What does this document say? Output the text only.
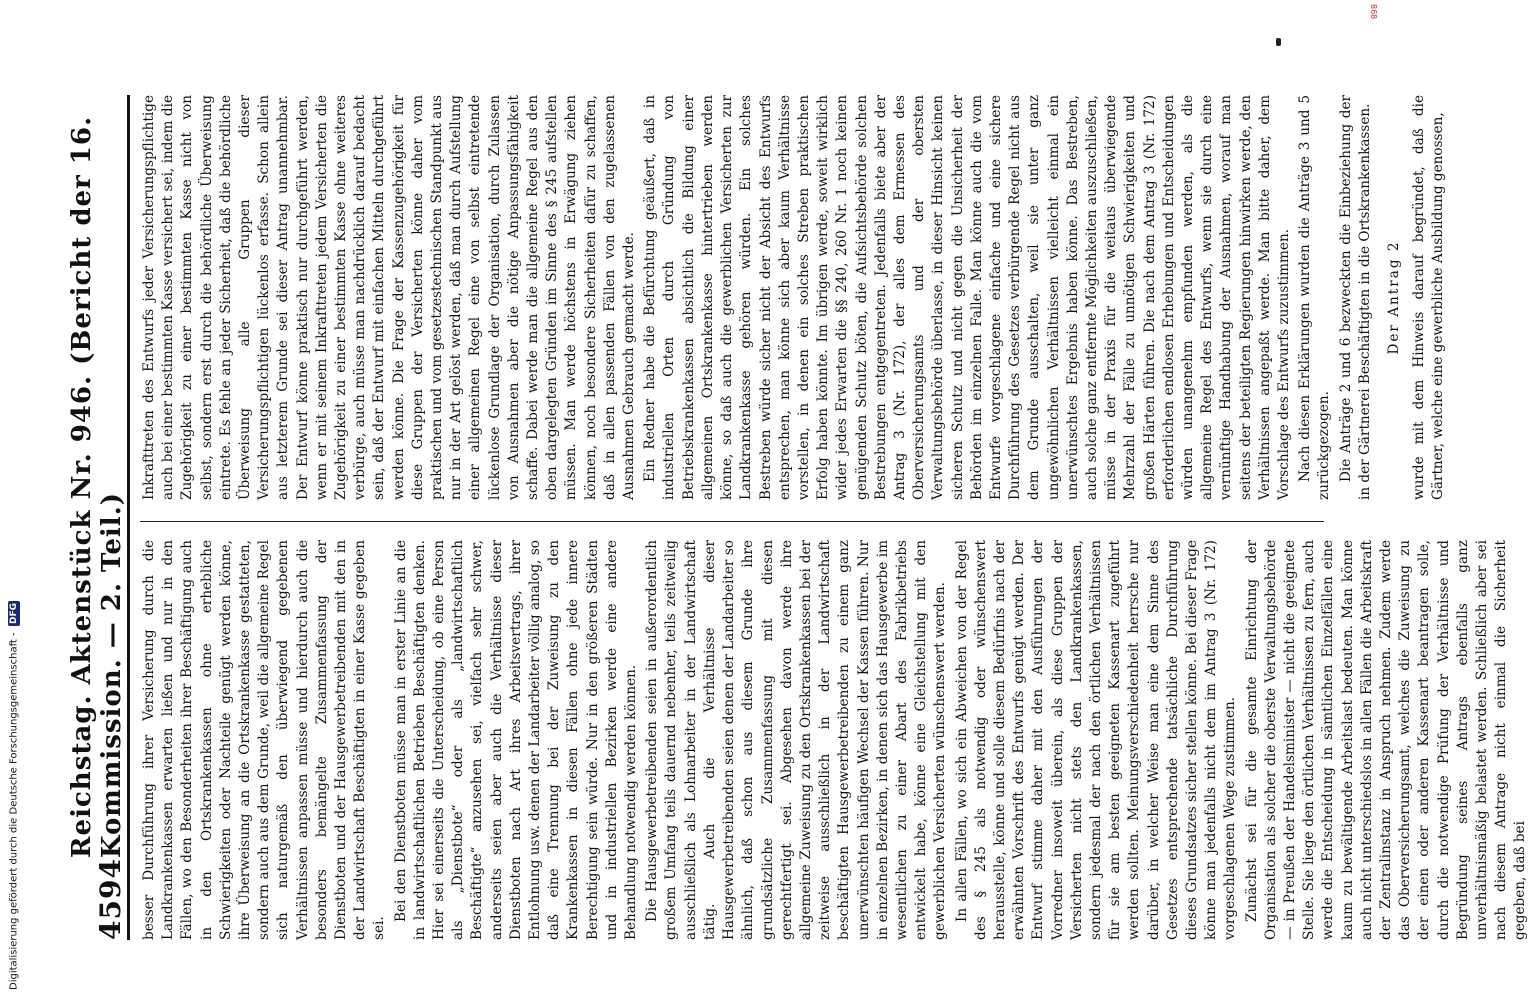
868
Digitalisierung gefördert durch die Deutsche Forschungsgemeinschaft -
DFG
4594
Reichstag. Aktenstück Nr. 946. (Bericht der 16. Kommission. — 2. Teil.) besser Durchführung ihrer Versicherung durch die Landkrankenkassen erwarten ließen und nur in den Fällen, wo den Besonderheiten ihrer Beschäftigung auch in den Ortskrankenkassen ohne erhebliche Schwierigkeiten oder Nachteile genügt werden könne, ihre Überweisung an die Ortskrankenkasse gestatteten, sondern auch aus dem Grunde, weil die allgemeine Regel sich naturgemäß den überwiegend gegebenen Verhältnissen anpassen müsse und hierdurch auch die besonders bemängelte Zusammenfassung der Dienstboten und der Hausgewerbetreibenden mit den in der Landwirtschaft Beschäftigten in einer Kasse gegeben sei.

Bei den Dienstboten müsse man in erster Linie an die in landwirtschaftlichen Betrieben Beschäftigten denken. Hier sei einerseits die Unterscheidung, ob eine Person als „Dienstbote“ oder als „landwirtschaftlich Beschäftigte“ anzusehen sei, vielfach sehr schwer, anderseits seien aber auch die Verhältnisse dieser Dienstboten nach Art ihres Arbeitsvertrags, ihrer Entlohnung usw. denen der Landarbeiter völlig analog, so daß eine Trennung bei der Zuweisung zu den Krankenkassen in diesen Fällen ohne jede innere Berechtigung sein würde. Nur in den größeren Städten und in industriellen Bezirken werde eine andere Behandlung notwendig werden können. Die Hausgewerbetreibenden seien in außerordentlich großem Umfang teils dauernd nebenher, teils zeitweilig ausschließlich als Lohnarbeiter in der Landwirtschaft tätig. Auch die Verhältnisse dieser Hausgewerbetreibenden seien denen der Landarbeiter so ähnlich, daß schon aus diesem Grunde ihre grundsätzliche Zusammenfassung mit diesen gerechtfertigt sei. Abgesehen davon werde ihre allgemeine Zuweisung zu den Ortskrankenkassen bei der zeitweise ausschließlich in der Landwirtschaft beschäftigten Hausgewerbetreibenden zu einem ganz unerwünschten häufigen Wechsel der Kassen führen. Nur in einzelnen Bezirken, in denen sich das Hausgewerbe im wesentlichen zu einer Abart des Fabrikbetriebs entwickelt habe, könne eine Gleichstellung mit den gewerblichen Versicherten wünschenswert werden. In allen Fällen, wo sich ein Abweichen von der Regel des § 245 als notwendig oder wünschenswert herausstelle, könne und solle diesem Bedürfnis nach der erwähnten Vorschrift des Entwurfs genügt werden. Der Entwurf stimme daher mit den Ausführungen der Vorredner insoweit überein, als diese Gruppen der Versicherten nicht stets den Landkrankenkassen, sondern jedesmal der nach den örtlichen Verhältnissen für sie am besten geeigneten Kassenart zugeführt werden sollten. Meinungsverschiedenheit herrsche nur darüber, in welcher Weise man eine dem Sinne des Gesetzes entsprechende tatsächliche Durchführung dieses Grundsatzes sicher stellen könne. Bei dieser Frage könne man jedenfalls nicht dem im Antrag 3 (Nr. 172) vorgeschlagenen Wege zustimmen. Zunächst sei für die gesamte Einrichtung der Organisation als solcher die oberste Verwaltungsbehörde — in Preußen der Handelsminister — nicht die geeignete Stelle. Sie liege den örtlichen Verhältnissen zu fern, auch werde die Entscheidung in sämtlichen Einzelfällen eine kaum zu bewältigende Arbeitslast bedeuten. Man könne auch nicht unterschiedslos in allen Fällen die Arbeitskraft der Zentralinstanz in Anspruch nehmen. Zudem werde das Oberversicherungsamt, welches die Zuweisung zu der einen oder anderen Kassenart beantragen solle, durch die notwendige Prüfung der Verhältnisse und Begründung seines Antrags ebenfalls ganz unverhältnismäßig belastet werden. Schließlich aber sei nach diesem Antrage nicht einmal die Sicherheit gegeben, daß bei

Inkrafttreten des Entwurfs jeder Versicherungspflichtige auch bei einer bestimmten Kasse versichert sei, indem die Zugehörigkeit zu einer bestimmten Kasse nicht von selbst, sondern erst durch die behördliche Überweisung eintrete. Es fehle an jeder Sicherheit, daß die behördliche Überweisung alle Gruppen dieser Versicherungspflichtigen lückenlos erfasse. Schon allein aus letzterem Grunde sei dieser Antrag unannehmbar. Der Entwurf könne praktisch nur durchgeführt werden, wenn er mit seinem Inkrafttreten jedem Versicherten die Zugehörigkeit zu einer bestimmten Kasse ohne weiteres verbürge, auch müsse man nachdrücklich darauf bedacht sein, daß der Entwurf mit einfachen Mitteln durchgeführt werden könne. Die Frage der Kassenzugehörigkeit für diese Gruppen der Versicherten könne daher vom praktischen und vom gesetzestechnischen Standpunkt aus nur in der Art gelöst werden, daß man durch Aufstellung einer allgemeinen Regel eine von selbst eintretende lückenlose Grundlage der Organisation, durch Zulassen von Ausnahmen aber die nötige Anpassungsfähigkeit schaffe. Dabei werde man die allgemeine Regel aus den oben dargelegten Gründen im Sinne des § 245 aufstellen müssen. Man werde höchstens in Erwägung ziehen können, noch besondere Sicherheiten dafür zu schaffen, daß in allen passenden Fällen von den zugelassenen Ausnahmen Gebrauch gemacht werde. Ein Redner habe die Befürchtung geäußert, daß in industriellen Orten durch Gründung von Betriebskrankenkassen absichtlich die Bildung einer allgemeinen Ortskrankenkasse hintertrieben werden könne, so daß auch die gewerblichen Versicherten zur Landkrankenkasse gehören würden. Ein solches Bestreben würde sicher nicht der Absicht des Entwurfs entsprechen, man könne sich aber kaum Verhältnisse vorstellen, in denen ein solches Streben praktischen Erfolg haben könnte. Im übrigen werde, soweit wirklich wider jedes Erwarten die §§ 240, 260 Nr. 1 noch keinen genügenden Schutz böten, die Aufsichtsbehörde solchen Bestrebungen entgegentreten. Jedenfalls biete aber der Antrag 3 (Nr. 172), der alles dem Ermessen des Oberversicherungsamts und der obersten Verwaltungsbehörde überlasse, in dieser Hinsicht keinen sicheren Schutz und nicht gegen die Unsicherheit der Behörden im einzelnen Falle. Man könne auch die vom Entwurfe vorgeschlagene einfache und eine sichere Durchführung des Gesetzes verbürgende Regel nicht aus dem Grunde ausschalten, weil sie unter ganz ungewöhnlichen Verhältnissen vielleicht einmal ein unerwünschtes Ergebnis haben könne. Das Bestreben, auch solche ganz entfernte Möglichkeiten auszuschließen, müsse in der Praxis für die weitaus überwiegende Mehrzahl der Fälle zu unnötigen Schwierigkeiten und großen Härten führen. Die nach dem Antrag 3 (Nr. 172) erforderlichen endlosen Erhebungen und Entscheidungen würden unangenehm empfunden werden, als die allgemeine Regel des Entwurfs, wenn sie durch eine vernünftige Handhabung der Ausnahmen, worauf man seitens der beteiligten Regierungen hinwirken werde, den Verhältnissen angepaßt werde. Man bitte daher, dem Vorschlage des Entwurfs zuzustimmen. Nach diesen Erklärungen wurden die Anträge 3 und 5 zurückgezogen. Die Anträge 2 und 6 bezweckten die Einbeziehung der in der Gärtnerei Beschäftigten in die Ortskrankenkassen. Der Antrag 2 wurde mit dem Hinweis darauf begründet, daß die Gärtner, welche eine gewerbliche Ausbildung genossen,
